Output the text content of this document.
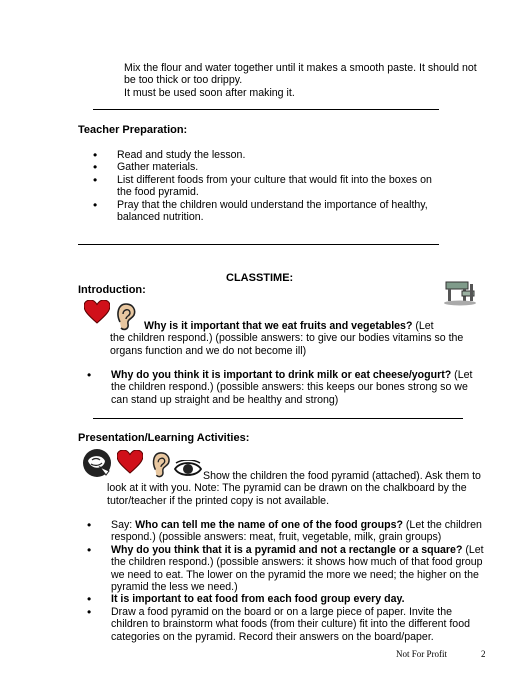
Mix the flour and water together until it makes a smooth paste. It should not
be too thick or too drippy.
It must be used soon after making it.
Teacher Preparation:
• Read and study the lesson.
• Gather materials.
• List different foods from your culture that would fit into the boxes on the food pyramid.
• Pray that the children would understand the importance of healthy, balanced nutrition.
CLASSTIME:
Introduction:
Why is it important that we eat fruits and vegetables? (Let
the children respond.) (possible answers: to give our bodies vitamins so the
organs function and we do not become ill)
• Why do you think it is important to drink milk or eat cheese/yogurt? (Let the children respond.) (possible answers: this keeps our bones strong so we can stand up straight and be healthy and strong)
Presentation/Learning Activities:
Show the children the food pyramid (attached). Ask them to
look at it with you. Note: The pyramid can be drawn on the chalkboard by the
tutor/teacher if the printed copy is not available.
• Say: Who can tell me the name of one of the food groups? (Let the children respond.) (possible answers: meat, fruit, vegetable, milk, grain groups)
• Why do you think that it is a pyramid and not a rectangle or a square? (Let the children respond.) (possible answers: it shows how much of that food group we need to eat. The lower on the pyramid the more we need; the higher on the pyramid the less we need.)
• It is important to eat food from each food group every day.
• Draw a food pyramid on the board or on a large piece of paper. Invite the children to brainstorm what foods (from their culture) fit into the different food categories on the pyramid. Record their answers on the board/paper.
Not For Profit	2
